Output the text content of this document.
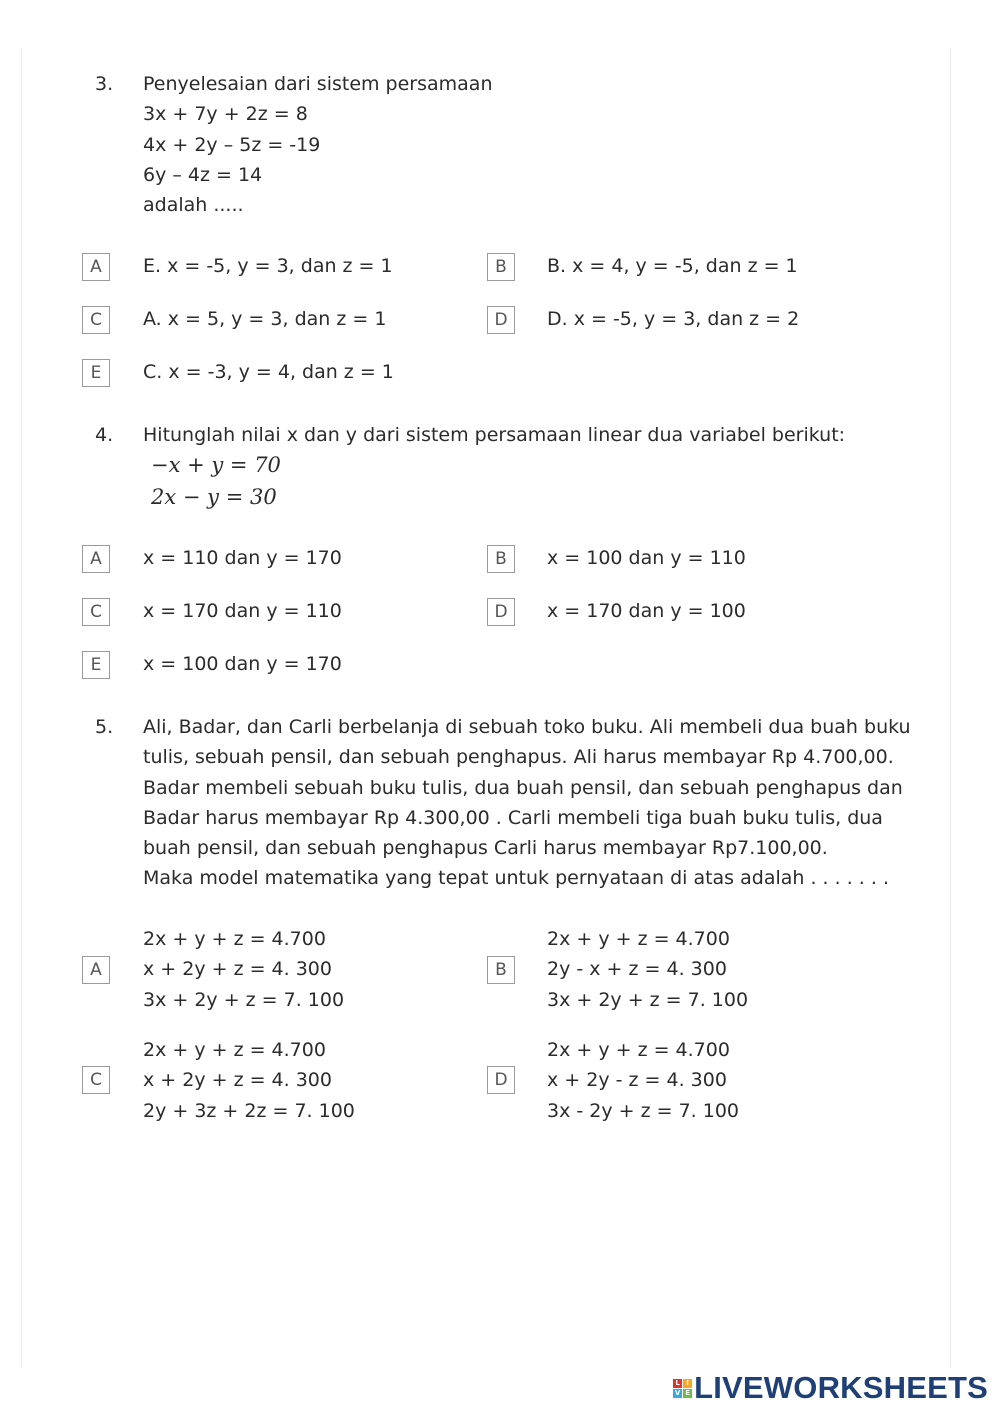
3.	Penyelesaian dari sistem persamaan
3x + 7y + 2z = 8
4x + 2y – 5z = -19
6y – 4z = 14
adalah .....
A	E. x = -5, y = 3, dan z = 1	B	B. x = 4, y = -5, dan z = 1
C	A. x = 5, y = 3, dan z = 1	D	D. x = -5, y = 3, dan z = 2
E	C. x = -3, y = 4, dan z = 1
4.	Hitunglah nilai x dan y dari sistem persamaan linear dua variabel berikut:
−x + y = 70
2x − y = 30
A	x = 110 dan y = 170	B	x = 100 dan y = 110
C	x = 170 dan y = 110	D	x = 170 dan y = 100
E	x = 100 dan y = 170
5.	Ali, Badar, dan Carli berbelanja di sebuah toko buku. Ali membeli dua buah buku
tulis, sebuah pensil, dan sebuah penghapus. Ali harus membayar Rp 4.700,00.
Badar membeli sebuah buku tulis, dua buah pensil, dan sebuah penghapus dan
Badar harus membayar Rp 4.300,00 . Carli membeli tiga buah buku tulis, dua
buah pensil, dan sebuah penghapus Carli harus membayar Rp7.100,00.
Maka model matematika yang tepat untuk pernyataan di atas adalah . . . . . . .
A
2x + y + z = 4.700
x + 2y + z = 4. 300
3x + 2y + z = 7. 100
B
2x + y + z = 4.700
2y - x + z = 4. 300
3x + 2y + z = 7. 100
C
2x + y + z = 4.700
x + 2y + z = 4. 300
2y + 3z + 2z = 7. 100
D
2x + y + z = 4.700
x + 2y - z = 4. 300
3x - 2y + z = 7. 100
L I
V E LIVEWORKSHEETS
